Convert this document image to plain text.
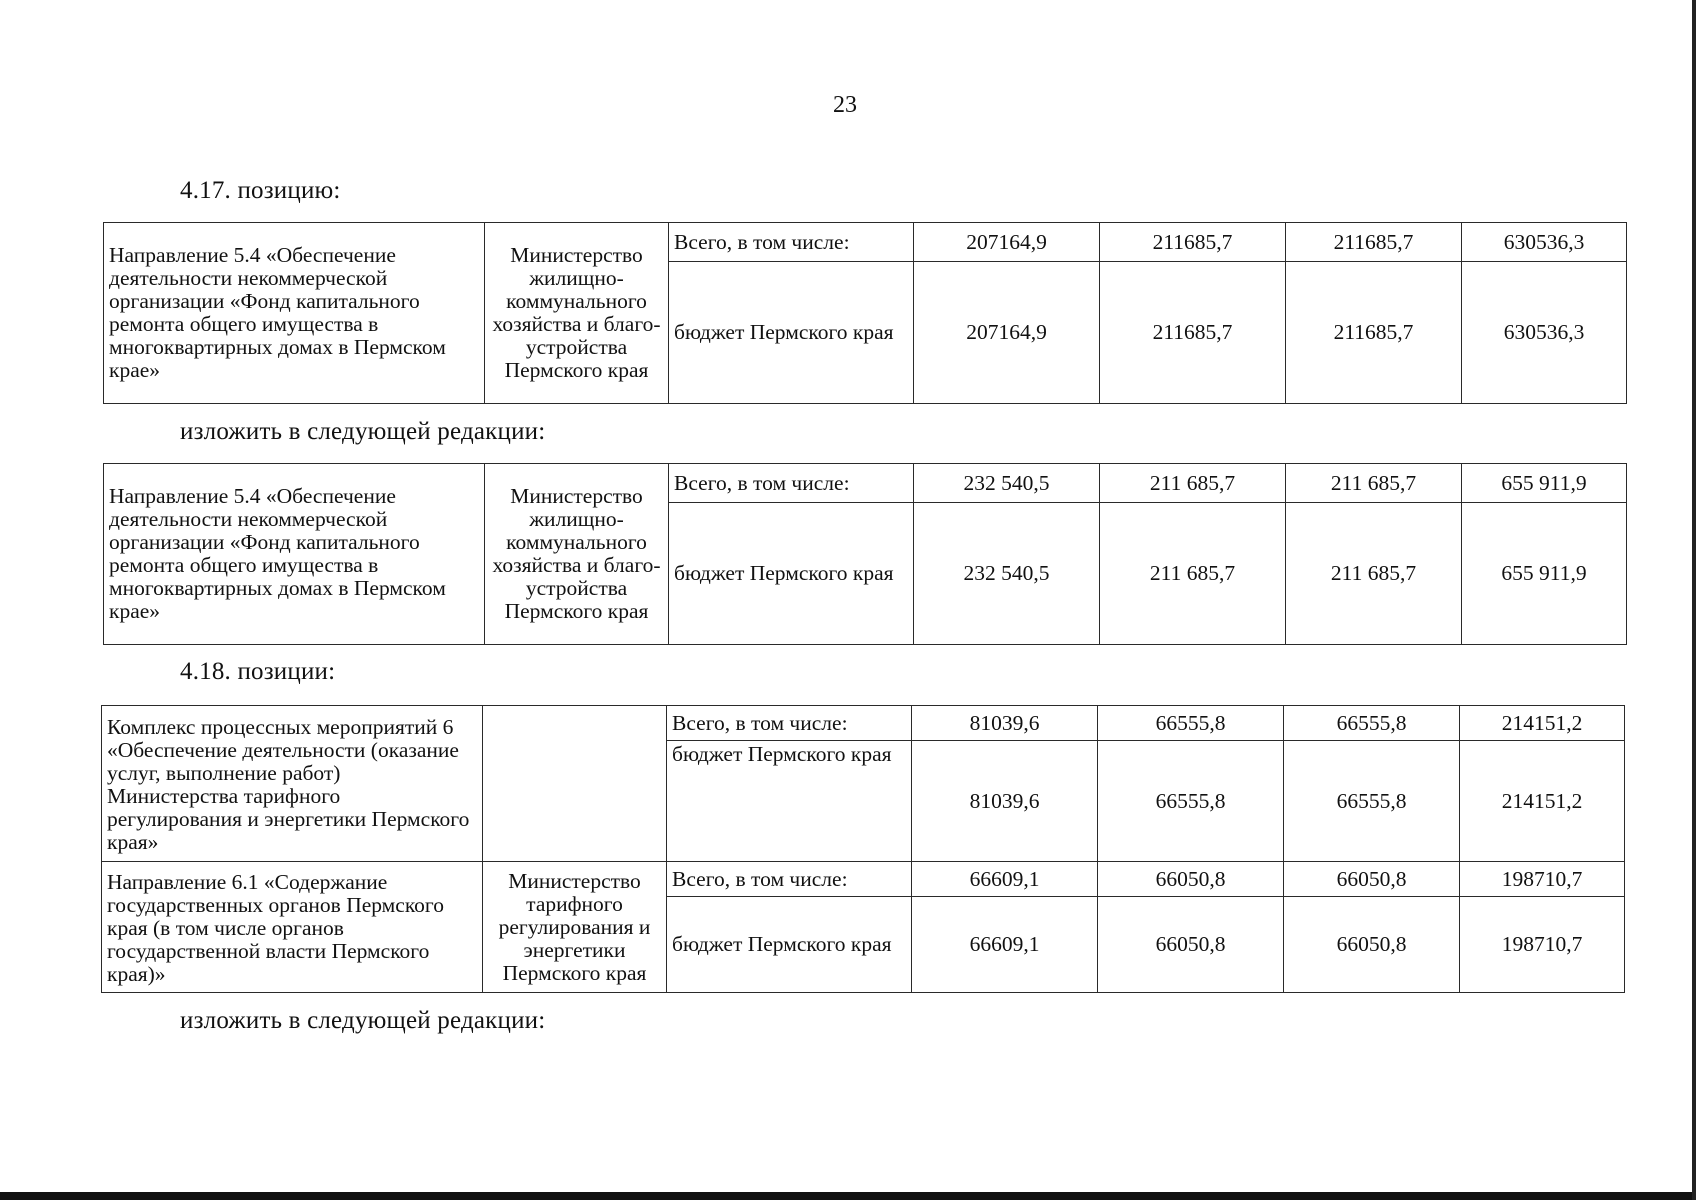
23
4.17. позицию:
Направление 5.4 «Обеспечение деятельности некоммерческой организации «Фонд капитального ремонта общего имущества в многоквартирных домах в Пермском крае»	Министерство жилищно-коммунального хозяйства и благо-устройства Пермского края	Всего, в том числе:	207164,9	211685,7	211685,7	630536,3
		бюджет Пермского края	207164,9	211685,7	211685,7	630536,3
изложить в следующей редакции:
Направление 5.4 «Обеспечение деятельности некоммерческой организации «Фонд капитального ремонта общего имущества в многоквартирных домах в Пермском крае»	Министерство жилищно-коммунального хозяйства и благо-устройства Пермского края	Всего, в том числе:	232 540,5	211 685,7	211 685,7	655 911,9
		бюджет Пермского края	232 540,5	211 685,7	211 685,7	655 911,9
4.18. позиции:
Комплекс процессных мероприятий 6 «Обеспечение деятельности (оказание услуг, выполнение работ) Министерства тарифного регулирования и энергетики Пермского края»		Всего, в том числе:	81039,6	66555,8	66555,8	214151,2
		бюджет Пермского края	81039,6	66555,8	66555,8	214151,2
Направление 6.1 «Содержание государственных органов Пермского края (в том числе органов государственной власти Пермского края)»	Министерство тарифного регулирования и энергетики Пермского края	Всего, в том числе:	66609,1	66050,8	66050,8	198710,7
		бюджет Пермского края	66609,1	66050,8	66050,8	198710,7
изложить в следующей редакции:
